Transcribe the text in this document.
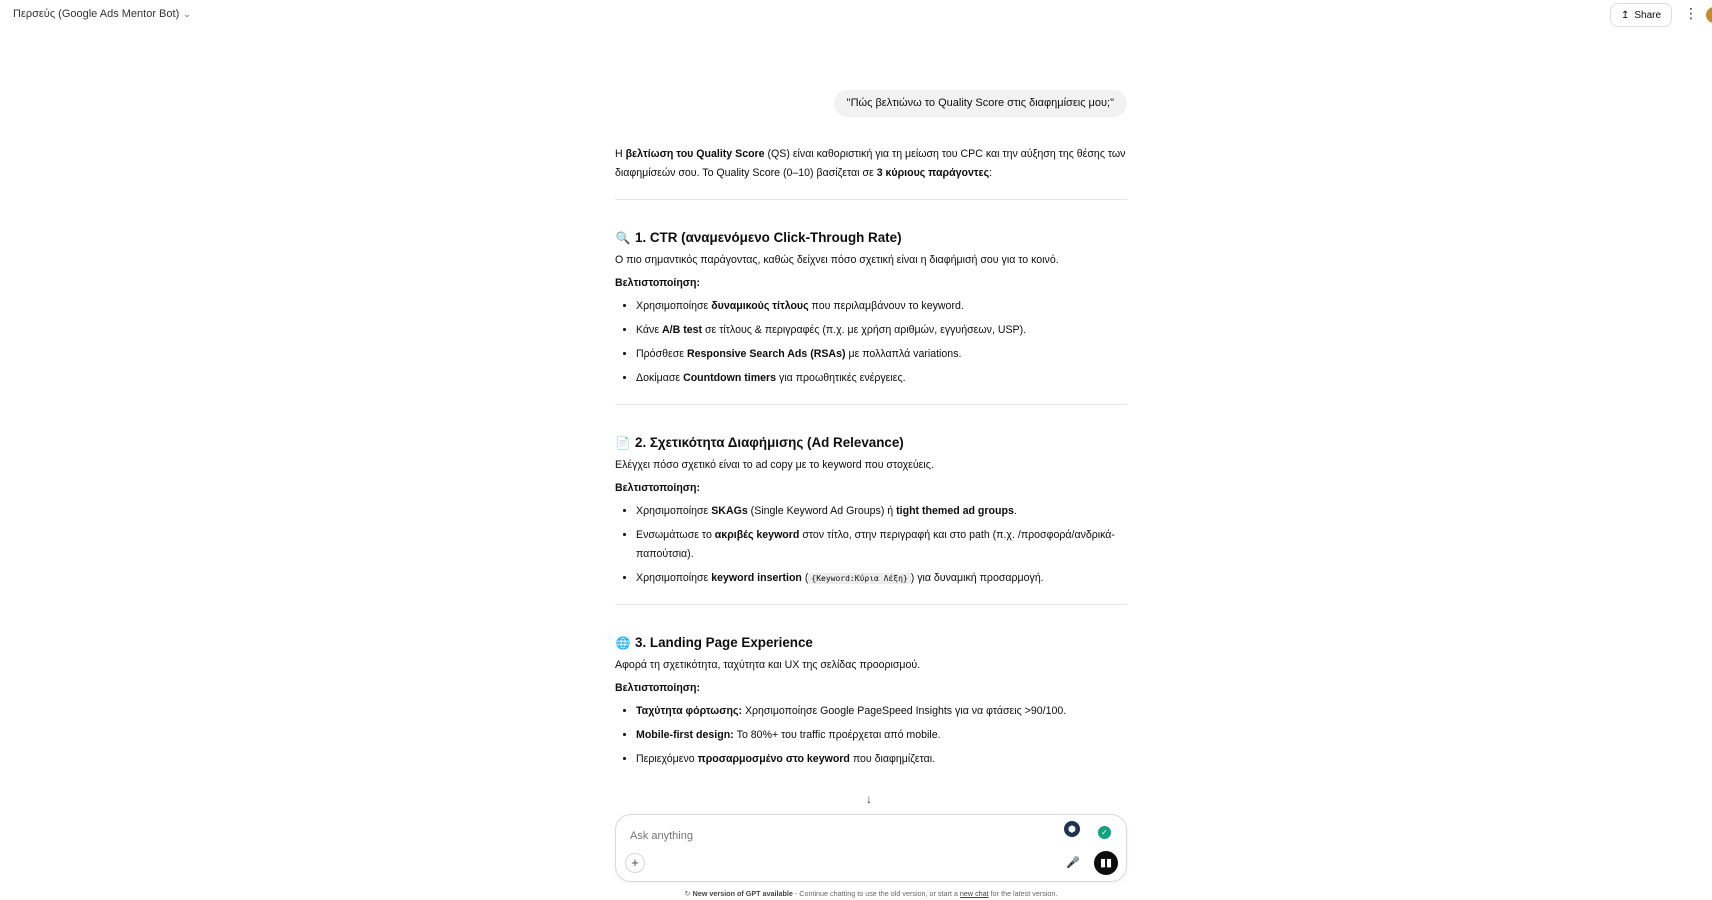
Περσεύς (Google Ads Mentor Bot) ⌄	↥ Share ⋮
"Πώς βελτιώνω το Quality Score στις διαφημίσεις μου;"

Η βελτίωση του Quality Score (QS) είναι καθοριστική για τη μείωση του CPC και την αύξηση της θέσης των διαφημίσεών σου. Το Quality Score (0–10) βασίζεται σε 3 κύριους παράγοντες:

🔍 1. CTR (αναμενόμενο Click-Through Rate)

Ο πιο σημαντικός παράγοντας, καθώς δείχνει πόσο σχετική είναι η διαφήμισή σου για το κοινό.

Βελτιστοποίηση:

• Χρησιμοποίησε δυναμικούς τίτλους που περιλαμβάνουν το keyword.
• Κάνε A/B test σε τίτλους & περιγραφές (π.χ. με χρήση αριθμών, εγγυήσεων, USP).
• Πρόσθεσε Responsive Search Ads (RSAs) με πολλαπλά variations.
• Δοκίμασε Countdown timers για προωθητικές ενέργειες.
📄 2. Σχετικότητα Διαφήμισης (Ad Relevance)

Ελέγχει πόσο σχετικό είναι το ad copy με το keyword που στοχεύεις.

Βελτιστοποίηση:

• Χρησιμοποίησε SKAGs (Single Keyword Ad Groups) ή tight themed ad groups.
• Ενσωμάτωσε το ακριβές keyword στον τίτλο, στην περιγραφή και στο path (π.χ. /προσφορά/ανδρικά-παπούτσια).
• Χρησιμοποίησε keyword insertion ( {Keyword:Κύρια Λέξη} ) για δυναμική προσαρμογή.
🌐 3. Landing Page Experience

Αφορά τη σχετικότητα, ταχύτητα και UX της σελίδας προορισμού.

Βελτιστοποίηση:

• Ταχύτητα φόρτωσης: Χρησιμοποίησε Google PageSpeed Insights για να φτάσεις >90/100.
• Mobile-first design: Το 80%+ του traffic προέρχεται από mobile.
• Περιεχόμενο προσαρμοσμένο στο keyword που διαφημίζεται.
↓
Ask anything
⬢	✓
+	🎤	▮▮
↻ New version of GPT available - Continue chatting to use the old version, or start a new chat for the latest version.
